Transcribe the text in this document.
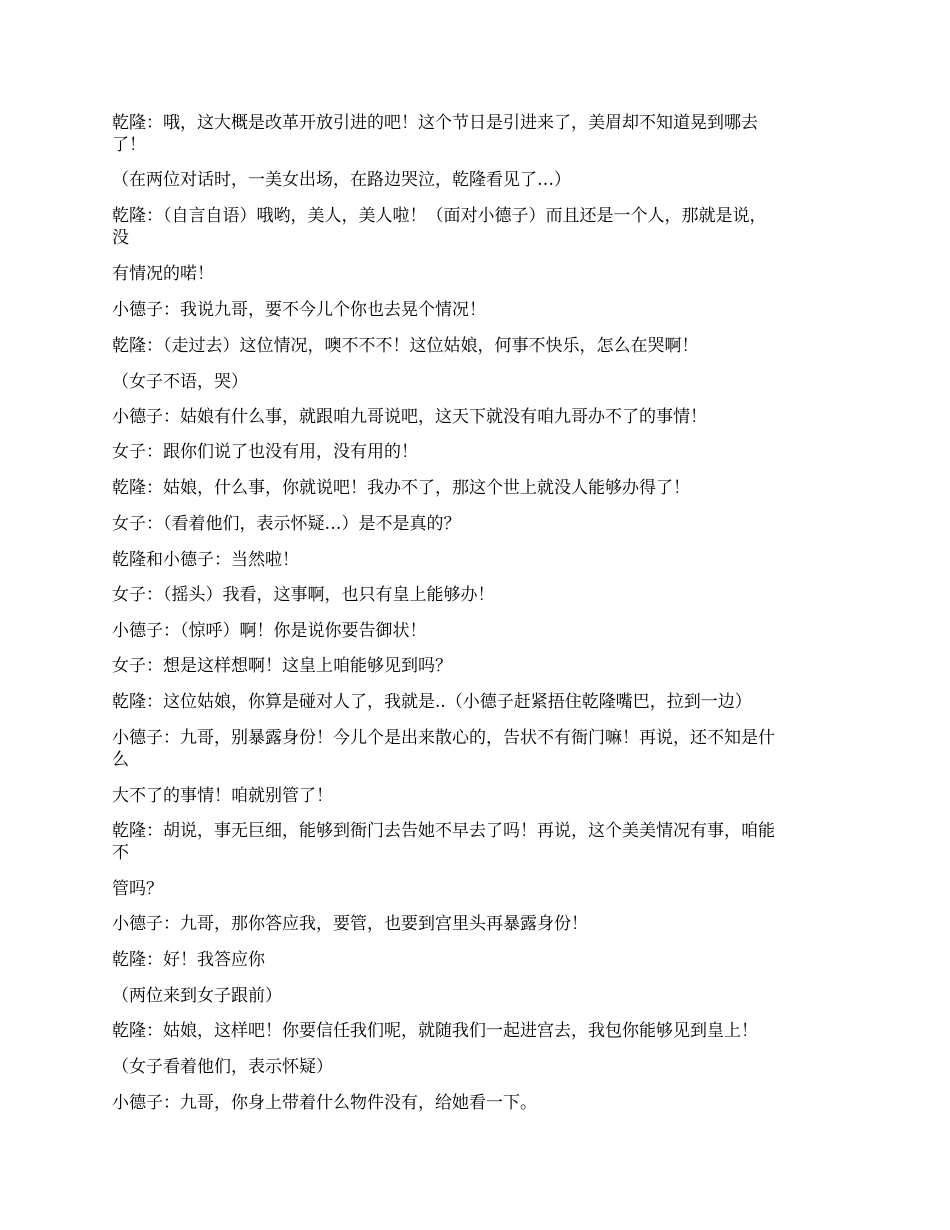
乾隆：哦，这大概是改革开放引进的吧！这个节日是引进来了，美眉却不知道晃到哪去
了！
（在两位对话时，一美女出场，在路边哭泣，乾隆看见了…）
乾隆：（自言自语）哦哟，美人，美人啦！（面对小德子）而且还是一个人，那就是说，
没
有情况的喏！
小德子：我说九哥，要不今儿个你也去晃个情况！
乾隆：（走过去）这位情况，噢不不不！这位姑娘，何事不快乐，怎么在哭啊！
（女子不语，哭）
小德子：姑娘有什么事，就跟咱九哥说吧，这天下就没有咱九哥办不了的事情！
女子：跟你们说了也没有用，没有用的！
乾隆：姑娘，什么事，你就说吧！我办不了，那这个世上就没人能够办得了！
女子：（看着他们，表示怀疑…）是不是真的？
乾隆和小德子：当然啦！
女子：（摇头）我看，这事啊，也只有皇上能够办！
小德子：（惊呼）啊！你是说你要告御状！
女子：想是这样想啊！这皇上咱能够见到吗？
乾隆：这位姑娘，你算是碰对人了，我就是..（小德子赶紧捂住乾隆嘴巴，拉到一边）
小德子：九哥，别暴露身份！今儿个是出来散心的，告状不有衙门嘛！再说，还不知是什
么
大不了的事情！咱就别管了！
乾隆：胡说，事无巨细，能够到衙门去告她不早去了吗！再说，这个美美情况有事，咱能
不
管吗？
小德子：九哥，那你答应我，要管，也要到宫里头再暴露身份！
乾隆：好！我答应你
（两位来到女子跟前）
乾隆：姑娘，这样吧！你要信任我们呢，就随我们一起进宫去，我包你能够见到皇上！
（女子看着他们，表示怀疑）
小德子：九哥，你身上带着什么物件没有，给她看一下。
